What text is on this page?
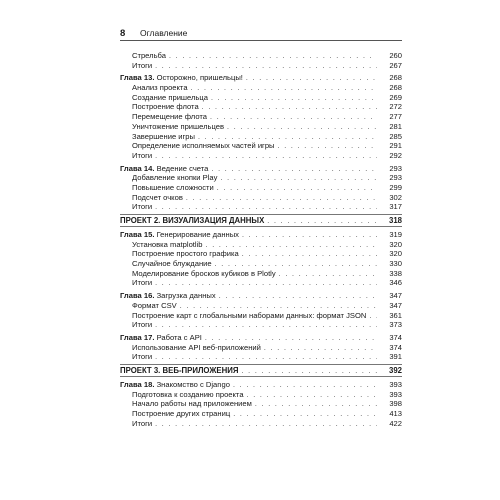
8	Оглавление
Стрельба . . .	260
Итоги . . .	267
Глава 13. Осторожно, пришельцы! . . .	268
Анализ проекта . . .	268
Создание пришельца . . .	269
Построение флота . . .	272
Перемещение флота . . .	277
Уничтожение пришельцев . . .	281
Завершение игры . . .	285
Определение исполняемых частей игры . . .	291
Итоги . . .	292
Глава 14. Ведение счета . . .	293
Добавление кнопки Play . . .	293
Повышение сложности . . .	299
Подсчет очков . . .	302
Итоги . . .	317
ПРОЕКТ 2. ВИЗУАЛИЗАЦИЯ ДАННЫХ . . .	318
Глава 15. Генерирование данных . . .	319
Установка matplotlib . . .	320
Построение простого графика . . .	320
Случайное блуждание . . .	330
Моделирование бросков кубиков в Plotly . . .	338
Итоги . . .	346
Глава 16. Загрузка данных . . .	347
Формат CSV . . .	347
Построение карт с глобальными наборами данных: формат JSON . . .	361
Итоги . . .	373
Глава 17. Работа с API . . .	374
Использование API веб-приложений . . .	374
Итоги . . .	391
ПРОЕКТ 3. ВЕБ-ПРИЛОЖЕНИЯ . . .	392
Глава 18. Знакомство с Django . . .	393
Подготовка к созданию проекта . . .	393
Начало работы над приложением . . .	398
Построение других страниц . . .	413
Итоги . . .	422
